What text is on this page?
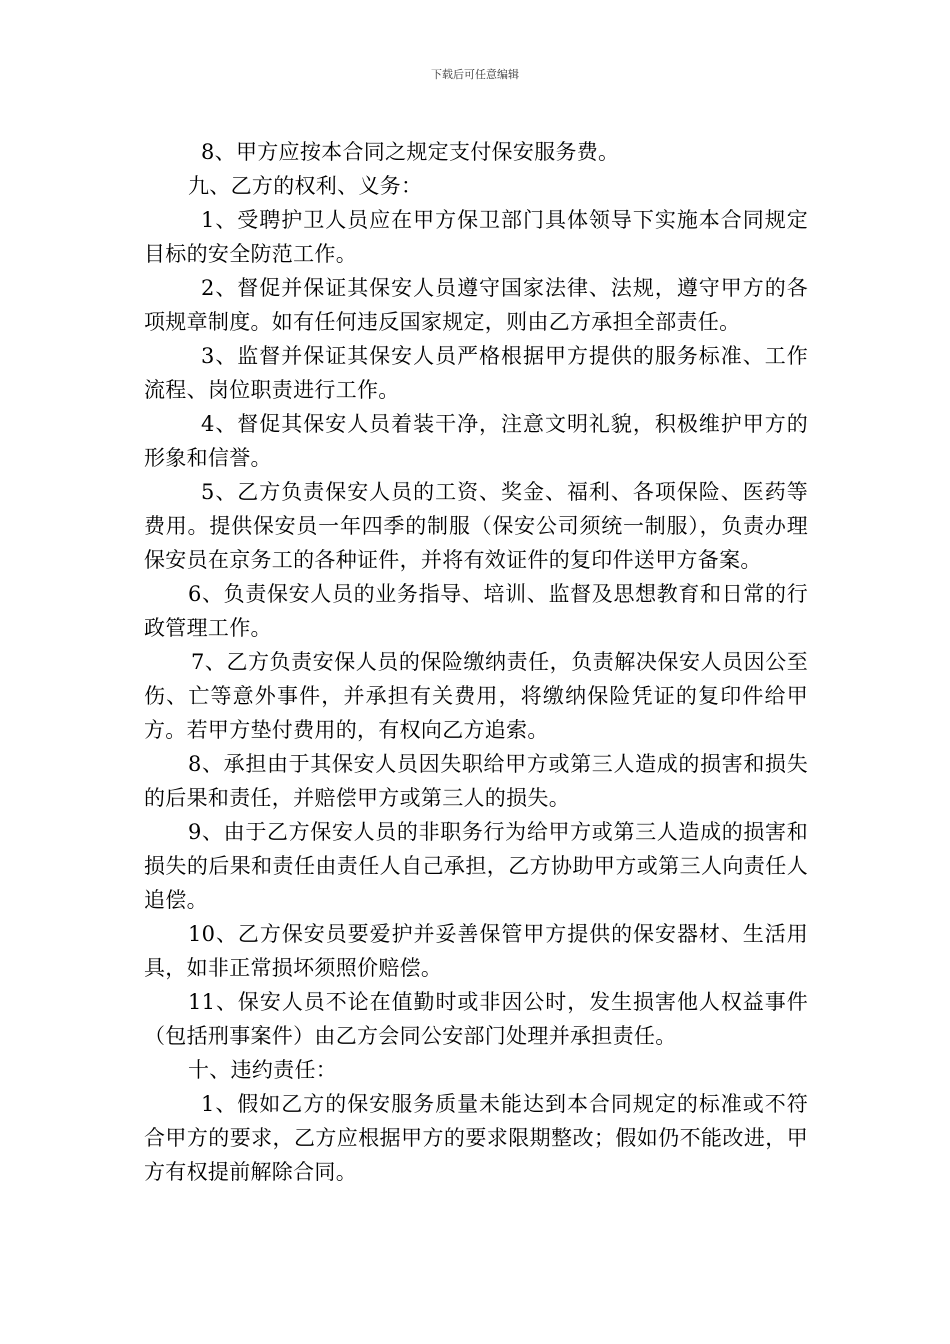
下载后可任意编辑

8、甲方应按本合同之规定支付保安服务费。

九、乙方的权利、义务：

1、受聘护卫人员应在甲方保卫部门具体领导下实施本合同规定目标的安全防范工作。

2、督促并保证其保安人员遵守国家法律、法规，遵守甲方的各项规章制度。如有任何违反国家规定，则由乙方承担全部责任。

3、监督并保证其保安人员严格根据甲方提供的服务标准、工作流程、岗位职责进行工作。

4、督促其保安人员着装干净，注意文明礼貌，积极维护甲方的形象和信誉。

5、乙方负责保安人员的工资、奖金、福利、各项保险、医药等费用。提供保安员一年四季的制服（保安公司须统一制服），负责办理保安员在京务工的各种证件，并将有效证件的复印件送甲方备案。

6、负责保安人员的业务指导、培训、监督及思想教育和日常的行政管理工作。

7、乙方负责安保人员的保险缴纳责任，负责解决保安人员因公至伤、亡等意外事件，并承担有关费用，将缴纳保险凭证的复印件给甲方。若甲方垫付费用的，有权向乙方追索。

8、承担由于其保安人员因失职给甲方或第三人造成的损害和损失的后果和责任，并赔偿甲方或第三人的损失。

9、由于乙方保安人员的非职务行为给甲方或第三人造成的损害和损失的后果和责任由责任人自己承担，乙方协助甲方或第三人向责任人追偿。

10、乙方保安员要爱护并妥善保管甲方提供的保安器材、生活用具，如非正常损坏须照价赔偿。

11、保安人员不论在值勤时或非因公时，发生损害他人权益事件（包括刑事案件）由乙方会同公安部门处理并承担责任。

十、违约责任：

1、假如乙方的保安服务质量未能达到本合同规定的标准或不符合甲方的要求，乙方应根据甲方的要求限期整改；假如仍不能改进，甲方有权提前解除合同。
